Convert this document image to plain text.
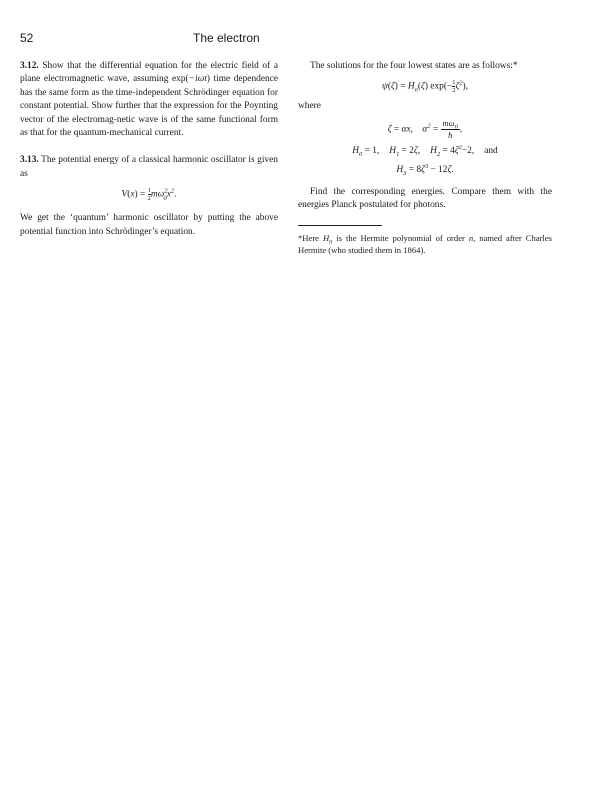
52	The electron

3.12. Show that the differential equation for the electric field of a plane electromagnetic wave, assuming exp(−iωt) time dependence has the same form as the time-independent Schrödinger equation for constant potential. Show further that the expression for the Poynting vector of the electromag-netic wave is of the same functional form as that for the quantum-mechanical current.

3.13. The potential energy of a classical harmonic oscillator is given as

$V(x) = \frac{1}{2} m\omega^2_0x^2$.

We get the ‘quantum’ harmonic oscillator by putting the above potential function into Schrödinger’s equation.

The solutions for the four lowest states are as follows:*

$\psi(\zeta) = H_n(\zeta)$ $\exp(- \frac{1}{2} \zeta^2)$,

where

ζ = αx,    $\alpha^2 = \frac{m\omega_0}{ħ}$ ,
$H_0 = 1$, $H_1 = 2\zeta$, $H_2 = 4\zeta^2-2$, and
$H_3 = 8\zeta^3 - 12\zeta$.

Find the corresponding energies. Compare them with the energies Planck postulated for photons.

*Here $H_n$ is the Hermite polynomial of order n, named after Charles Hermite (who studied them in 1864).
